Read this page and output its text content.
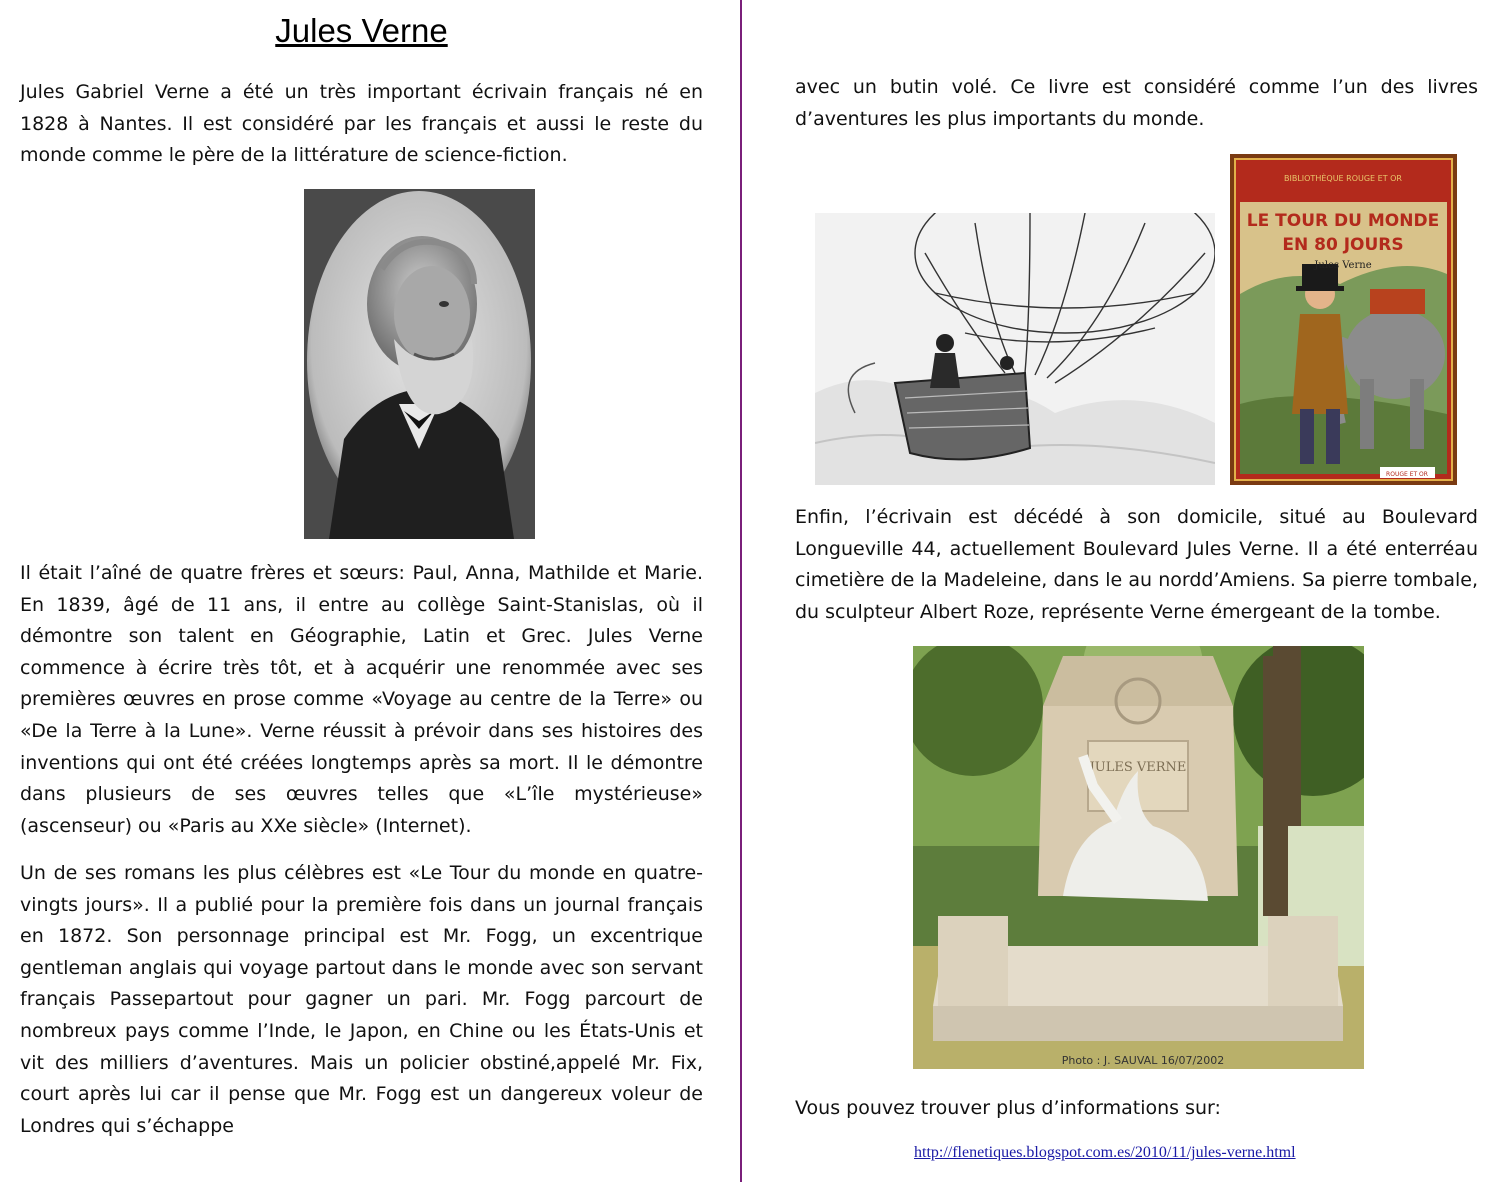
Jules Verne

Jules Gabriel Verne a été un très important écrivain français né en 1828 à Nantes. Il est considéré par les français et aussi le reste du monde comme le père de la littérature de science-fiction.

Il était l’aîné de quatre frères et sœurs: Paul, Anna, Mathilde et Marie. En 1839, âgé de 11 ans, il entre au collège Saint-Stanislas, où il démontre son talent en Géographie, Latin et Grec. Jules Verne commence à écrire très tôt, et à acquérir une renommée avec ses premières œuvres en prose comme «Voyage au centre de la Terre» ou «De la Terre à la Lune». Verne réussit à prévoir dans ses histoires des inventions qui ont été créées longtemps après sa mort. Il le démontre dans plusieurs de ses œuvres telles que «L’île mystérieuse» (ascenseur) ou «Paris au XXe siècle» (Internet).

Un de ses romans les plus célèbres est «Le Tour du monde en quatre-vingts jours». Il a publié pour la première fois dans un journal français en 1872. Son personnage principal est Mr. Fogg, un excentrique gentleman anglais qui voyage partout dans le monde avec son servant français Passepartout pour gagner un pari. Mr. Fogg parcourt de nombreux pays comme l’Inde, le Japon, en Chine ou les États-Unis et vit des milliers d’aventures. Mais un policier obstiné,appelé Mr. Fix, court après lui car il pense que Mr. Fogg est un dangereux voleur de Londres qui s’échappe

avec un butin volé. Ce livre est considéré comme l’un des livres d’aventures les plus importants du monde.

Enfin, l’écrivain est décédé à son domicile, situé au Boulevard Longueville 44, actuellement Boulevard Jules Verne. Il a été enterréau cimetière de la Madeleine, dans le au nordd’Amiens. Sa pierre tombale, du sculpteur Albert Roze, représente Verne émergeant de la tombe.

Vous pouvez trouver plus d’informations sur:

BIBLIOTHÈQUE ROUGE ET OR
LE TOUR DU MONDE
EN 80 JOURS
Jules Verne
ROUGE ET OR
JULES VERNE
Photo : J. SAUVAL 16/07/2002
http://flenetiques.blogspot.com.es/2010/11/jules-verne.html
